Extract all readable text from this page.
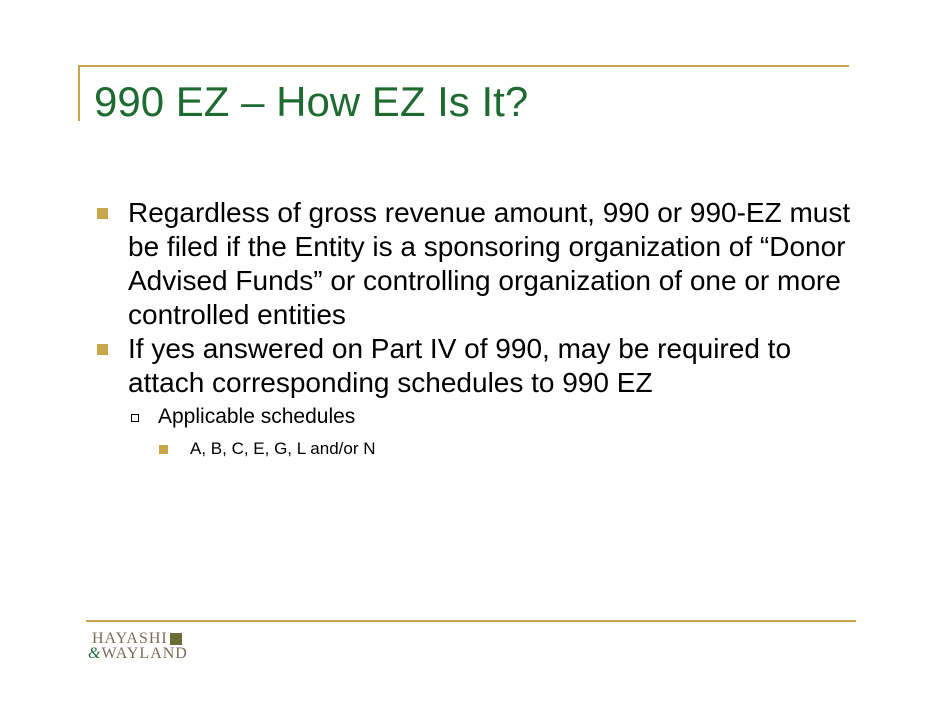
990 EZ – How EZ Is It?
Regardless of gross revenue amount, 990 or 990-EZ must be filed if the Entity is a sponsoring organization of “Donor Advised Funds” or controlling organization of one or more controlled entities
If yes answered on Part IV of 990, may be required to attach corresponding schedules to 990 EZ
Applicable schedules
A, B, C, E, G, L and/or N
HAYASHI
&WAYLAND
